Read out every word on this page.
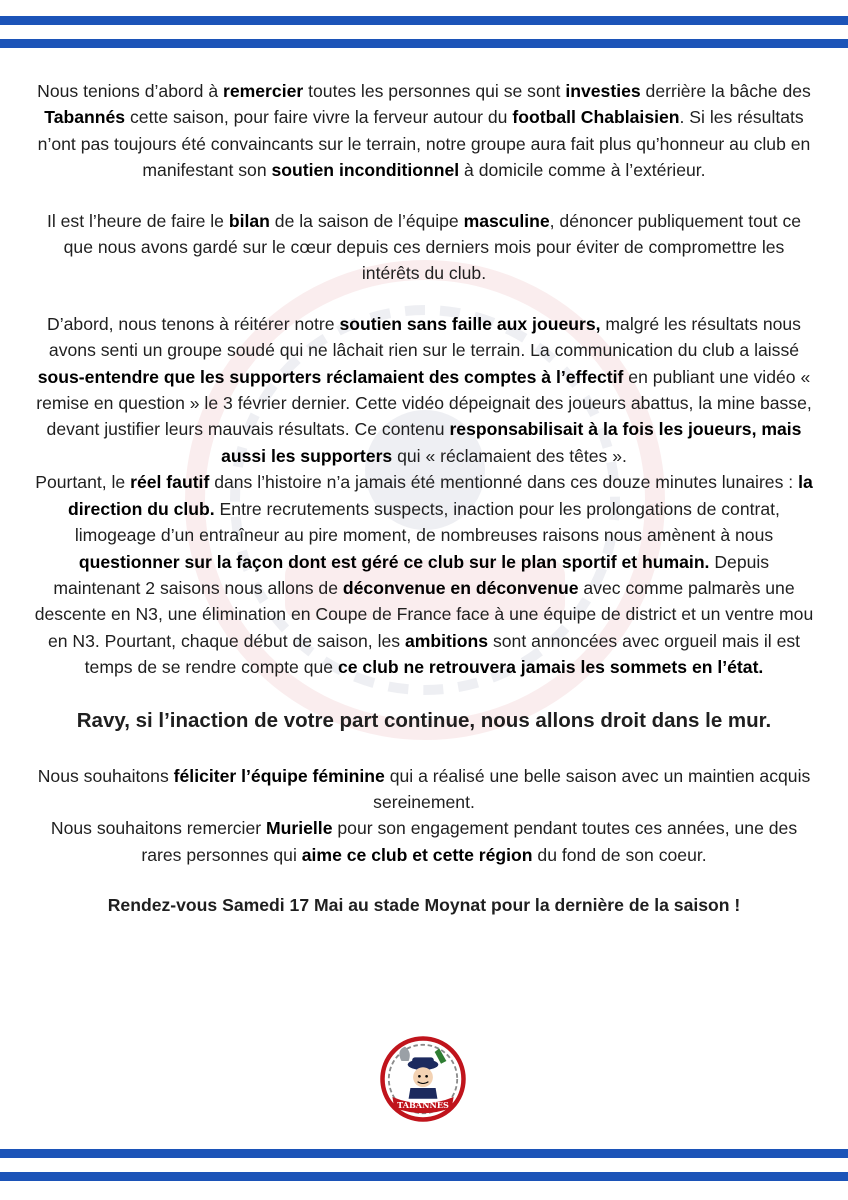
Nous tenions d’abord à remercier toutes les personnes qui se sont investies derrière la bâche des Tabannés cette saison, pour faire vivre la ferveur autour du football Chablaisien. Si les résultats n’ont pas toujours été convaincants sur le terrain, notre groupe aura fait plus qu’honneur au club en manifestant son soutien inconditionnel à domicile comme à l’extérieur.

Il est l’heure de faire le bilan de la saison de l’équipe masculine, dénoncer publiquement tout ce que nous avons gardé sur le cœur depuis ces derniers mois pour éviter de compromettre les intérêts du club.

D’abord, nous tenons à réitérer notre soutien sans faille aux joueurs, malgré les résultats nous avons senti un groupe soudé qui ne lâchait rien sur le terrain. La communication du club a laissé sous-entendre que les supporters réclamaient des comptes à l’effectif en publiant une vidéo « remise en question » le 3 février dernier. Cette vidéo dépeignait des joueurs abattus, la mine basse, devant justifier leurs mauvais résultats. Ce contenu responsabilisait à la fois les joueurs, mais aussi les supporters qui « réclamaient des têtes ».

Pourtant, le réel fautif dans l’histoire n’a jamais été mentionné dans ces douze minutes lunaires : la direction du club. Entre recrutements suspects, inaction pour les prolongations de contrat, limogeage d’un entraîneur au pire moment, de nombreuses raisons nous amènent à nous questionner sur la façon dont est géré ce club sur le plan sportif et humain. Depuis maintenant 2 saisons nous allons de déconvenue en déconvenue avec comme palmarès une descente en N3, une élimination en Coupe de France face à une équipe de district et un ventre mou en N3. Pourtant, chaque début de saison, les ambitions sont annoncées avec orgueil mais il est temps de se rendre compte que ce club ne retrouvera jamais les sommets en l’état.

Ravy, si l’inaction de votre part continue, nous allons droit dans le mur.

Nous souhaitons féliciter l’équipe féminine qui a réalisé une belle saison avec un maintien acquis sereinement.

Nous souhaitons remercier Murielle pour son engagement pendant toutes ces années, une des rares personnes qui aime ce club et cette région du fond de son coeur.

Rendez-vous Samedi 17 Mai au stade Moynat pour la dernière de la saison !

TABANNES
